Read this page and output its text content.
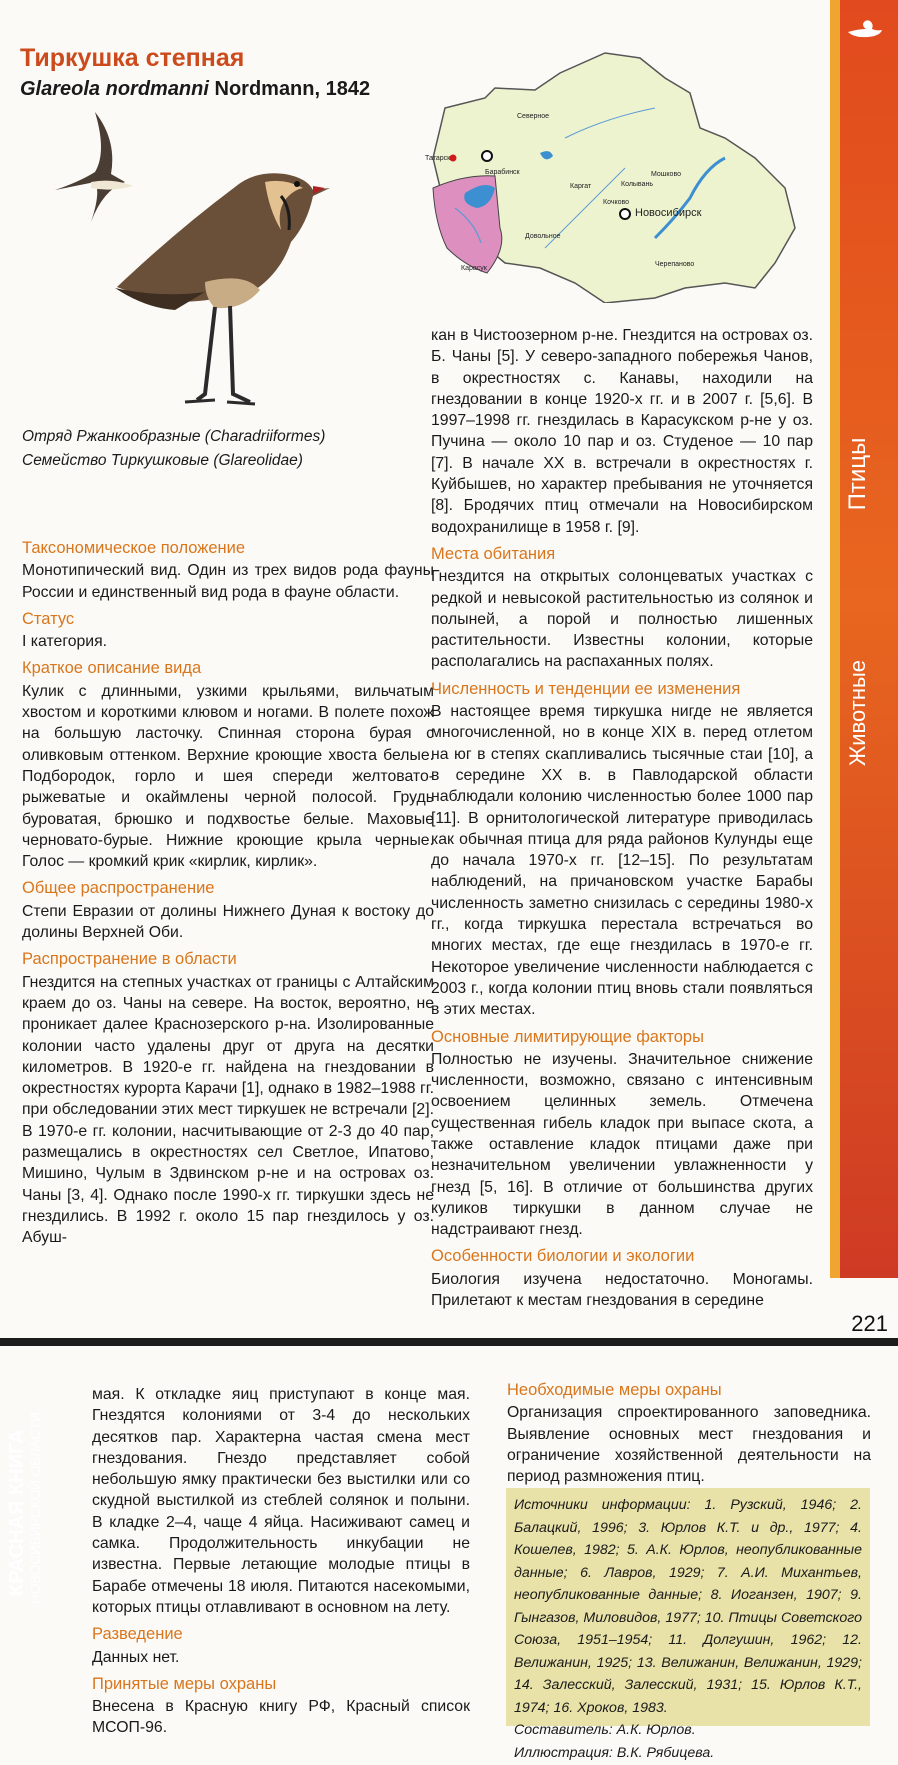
Птицы
Животные
221
Тиркушка степная
Glareola nordmanni Nordmann, 1842
Отряд Ржанкообразные (Charadriiformes)
Семейство Тиркушковые (Glareolidae)
Северное
Татарск
Барабинск
Каргат	Колывань
Мошково
Кочково
Новосибирск
Карасук
Довольное
Черепаново
Таксономическое положение

Монотипический вид. Один из трех видов рода фауны России и единственный вид рода в фауне области.

Статус

I категория.

Краткое описание вида

Кулик с длинными, узкими крыльями, вильчатым хвостом и короткими клювом и ногами. В полете похож на большую ласточку. Спинная сторона бурая с оливковым оттенком. Верхние кроющие хвоста белые. Подбородок, горло и шея спереди желтовато-рыжеватые и окаймлены черной полосой. Грудь буроватая, брюшко и подхвостье белые. Маховые черновато-бурые. Нижние кроющие крыла черные. Голос — кромкий крик «кирлик, кирлик».

Общее распространение

Степи Евразии от долины Нижнего Дуная к востоку до долины Верхней Оби.

Распространение в области

Гнездится на степных участках от границы с Алтайским краем до оз. Чаны на севере. На восток, вероятно, не проникает далее Краснозерского р-на. Изолированные колонии часто удалены друг от друга на десятки километров. В 1920-е гг. найдена на гнездовании в окрестностях курорта Карачи [1], однако в 1982–1988 гг. при обследовании этих мест тиркушек не встречали [2]. В 1970-е гг. колонии, насчитывающие от 2-3 до 40 пар, размещались в окрестностях сел Светлое, Ипатово, Мишино, Чулым в Здвинском р-не и на островах оз. Чаны [3, 4]. Однако после 1990-х гг. тиркушки здесь не гнездились. В 1992 г. около 15 пар гнездилось у оз. Абуш-

кан в Чистоозерном р-не. Гнездится на островах оз. Б. Чаны [5]. У северо-западного побережья Чанов, в окрестностях с. Канавы, находили на гнездовании в конце 1920-х гг. и в 2007 г. [5,6]. В 1997–1998 гг. гнездилась в Карасукском р-не у оз. Пучина — около 10 пар и оз. Студеное — 10 пар [7]. В начале XX в. встречали в окрестностях г. Куйбышев, но характер пребывания не уточняется [8]. Бродячих птиц отмечали на Новосибирском водохранилище в 1958 г. [9].

Места обитания

Гнездится на открытых солонцеватых участках с редкой и невысокой растительностью из солянок и полыней, а порой и полностью лишенных растительности. Известны колонии, которые располагались на распаханных полях.

Численность и тенденции ее изменения

В настоящее время тиркушка нигде не является многочисленной, но в конце XIX в. перед отлетом на юг в степях скапливались тысячные стаи [10], а в середине XX в. в Павлодарской области наблюдали колонию численностью более 1000 пар [11]. В орнитологической литературе приводилась как обычная птица для ряда районов Кулунды еще до начала 1970-х гг. [12–15]. По результатам наблюдений, на причановском участке Барабы численность заметно снизилась с середины 1980-х гг., когда тиркушка перестала встречаться во многих местах, где еще гнездилась в 1970-е гг. Некоторое увеличение численности наблюдается с 2003 г., когда колонии птиц вновь стали появляться в этих местах.

Основные лимитирующие факторы

Полностью не изучены. Значительное снижение численности, возможно, связано с интенсивным освоением целинных земель. Отмечена существенная гибель кладок при выпасе скота, а также оставление кладок птицами даже при незначительном увеличении увлажненности у гнезд [5, 16]. В отличие от большинства других куликов тиркушки в данном случае не надстраивают гнезд.

Особенности биологии и экологии

Биология изучена недостаточно. Моногамы. Прилетают к местам гнездования в середине

КРАСНАЯ КНИГА НОВОСИБИРСКОЙ ОБЛАСТИ

мая. К откладке яиц приступают в конце мая. Гнездятся колониями от 3-4 до нескольких десятков пар. Характерна частая смена мест гнездования. Гнездо представляет собой небольшую ямку практически без выстилки или со скудной выстилкой из стеблей солянок и полыни. В кладке 2–4, чаще 4 яйца. Насиживают самец и самка. Продолжительность инкубации не известна. Первые летающие молодые птицы в Барабе отмечены 18 июля. Питаются насекомыми, которых птицы отлавливают в основном на лету.

Разведение

Данных нет.

Принятые меры охраны

Внесена в Красную книгу РФ, Красный список МСОП-96.

Необходимые меры охраны

Организация спроектированного заповедника. Выявление основных мест гнездования и ограничение хозяйственной деятельности на период размножения птиц.

Источники информации: 1. Рузский, 1946; 2. Балацкий, 1996; 3. Юрлов К.Т. и др., 1977; 4. Кошелев, 1982; 5. А.К. Юрлов, неопубликованные данные; 6. Лавров, 1929; 7. А.И. Михантьев, неопубликованные данные; 8. Иоганзен, 1907; 9. Гынгазов, Миловидов, 1977; 10. Птицы Советского Союза, 1951–1954; 11. Долгушин, 1962; 12. Велижанин, 1925; 13. Велижанин, Велижанин, 1929; 14. Залесский, Залесский, 1931; 15. Юрлов К.Т., 1974; 16. Хроков, 1983.
Составитель: А.К. Юрлов.
Иллюстрация: В.К. Рябицева.
